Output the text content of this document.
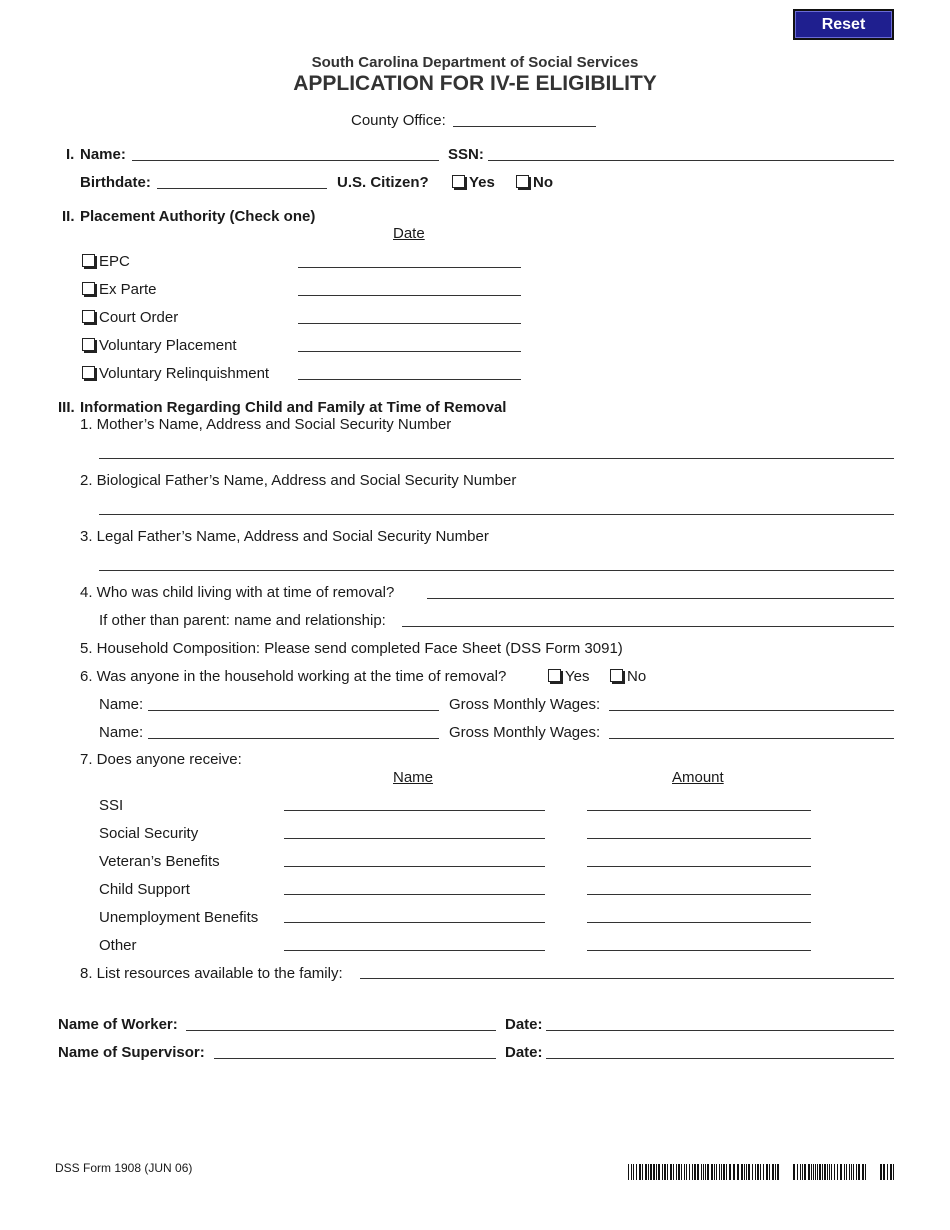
Reset
South Carolina Department of Social Services
APPLICATION FOR IV-E ELIGIBILITY
County Office:
I. Name:	SSN:
Birthdate:	U.S. Citizen?	Yes	No
II. Placement Authority (Check one)
Date
EPC
Ex Parte
Court Order
Voluntary Placement
Voluntary Relinquishment
III. Information Regarding Child and Family at Time of Removal
1. Mother’s Name, Address and Social Security Number
2. Biological Father’s Name, Address and Social Security Number
3. Legal Father’s Name, Address and Social Security Number
4. Who was child living with at time of removal?
If other than parent: name and relationship:
5. Household Composition: Please send completed Face Sheet (DSS Form 3091)
6. Was anyone in the household working at the time of removal?	Yes	No
Name:	Gross Monthly Wages:
Name:	Gross Monthly Wages:
7. Does anyone receive:
Name	Amount
SSI
Social Security
Veteran’s Benefits
Child Support
Unemployment Benefits
Other
8. List resources available to the family:
Name of Worker:	Date:
Name of Supervisor:	Date:
DSS Form 1908 (JUN 06)
